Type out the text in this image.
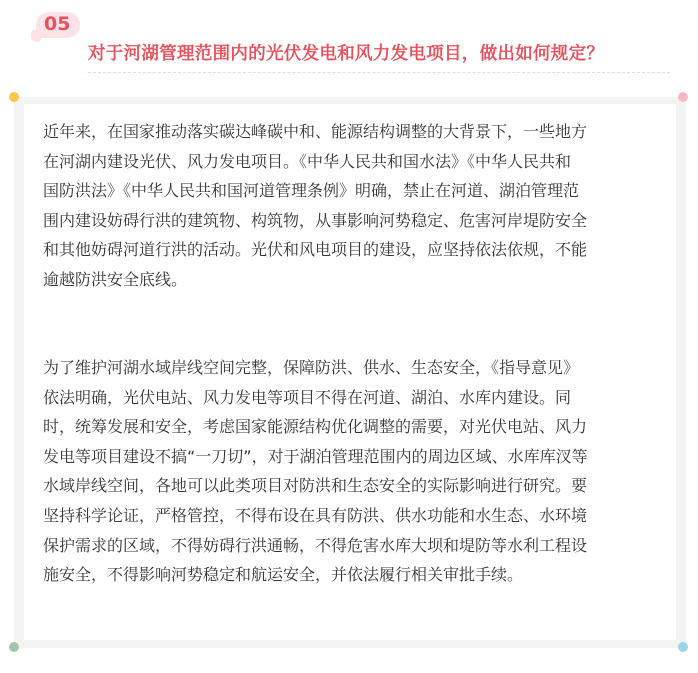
05
对于河湖管理范围内的光伏发电和风力发电项目，做出如何规定？
近年来，在国家推动落实碳达峰碳中和、能源结构调整的大背景下，一些地方
在河湖内建设光伏、风力发电项目。《中华人民共和国水法》《中华人民共和
国防洪法》《中华人民共和国河道管理条例》明确，禁止在河道、湖泊管理范
围内建设妨碍行洪的建筑物、构筑物，从事影响河势稳定、危害河岸堤防安全
和其他妨碍河道行洪的活动。光伏和风电项目的建设，应坚持依法依规，不能
逾越防洪安全底线。
为了维护河湖水域岸线空间完整，保障防洪、供水、生态安全，《指导意见》
依法明确，光伏电站、风力发电等项目不得在河道、湖泊、水库内建设。同
时，统筹发展和安全，考虑国家能源结构优化调整的需要，对光伏电站、风力
发电等项目建设不搞“一刀切”，对于湖泊管理范围内的周边区域、水库库汊等
水域岸线空间，各地可以此类项目对防洪和生态安全的实际影响进行研究。要
坚持科学论证，严格管控，不得布设在具有防洪、供水功能和水生态、水环境
保护需求的区域，不得妨碍行洪通畅，不得危害水库大坝和堤防等水利工程设
施安全，不得影响河势稳定和航运安全，并依法履行相关审批手续。
